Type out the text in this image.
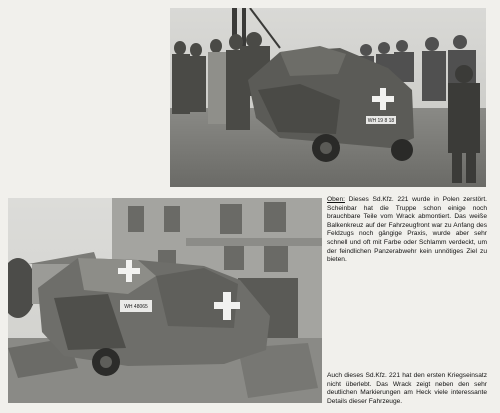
WH 19 8 18
WH 48065
Oben: Dieses Sd.Kfz. 221 wurde in Polen zerstört. Scheinbar hat die Truppe schon einige noch brauchbare Teile vom Wrack abmontiert. Das weiße Balkenkreuz auf der Fahrzeugfront war zu Anfang des Feldzugs noch gängige Praxis, wurde aber sehr schnell und oft mit Farbe oder Schlamm verdeckt, um der feindlichen Panzerabwehr kein unnötiges Ziel zu bieten.
Auch dieses Sd.Kfz. 221 hat den ersten Kriegseinsatz nicht überlebt. Das Wrack zeigt neben den sehr deutlichen Markierungen am Heck viele interessante Details dieser Fahrzeuge.
